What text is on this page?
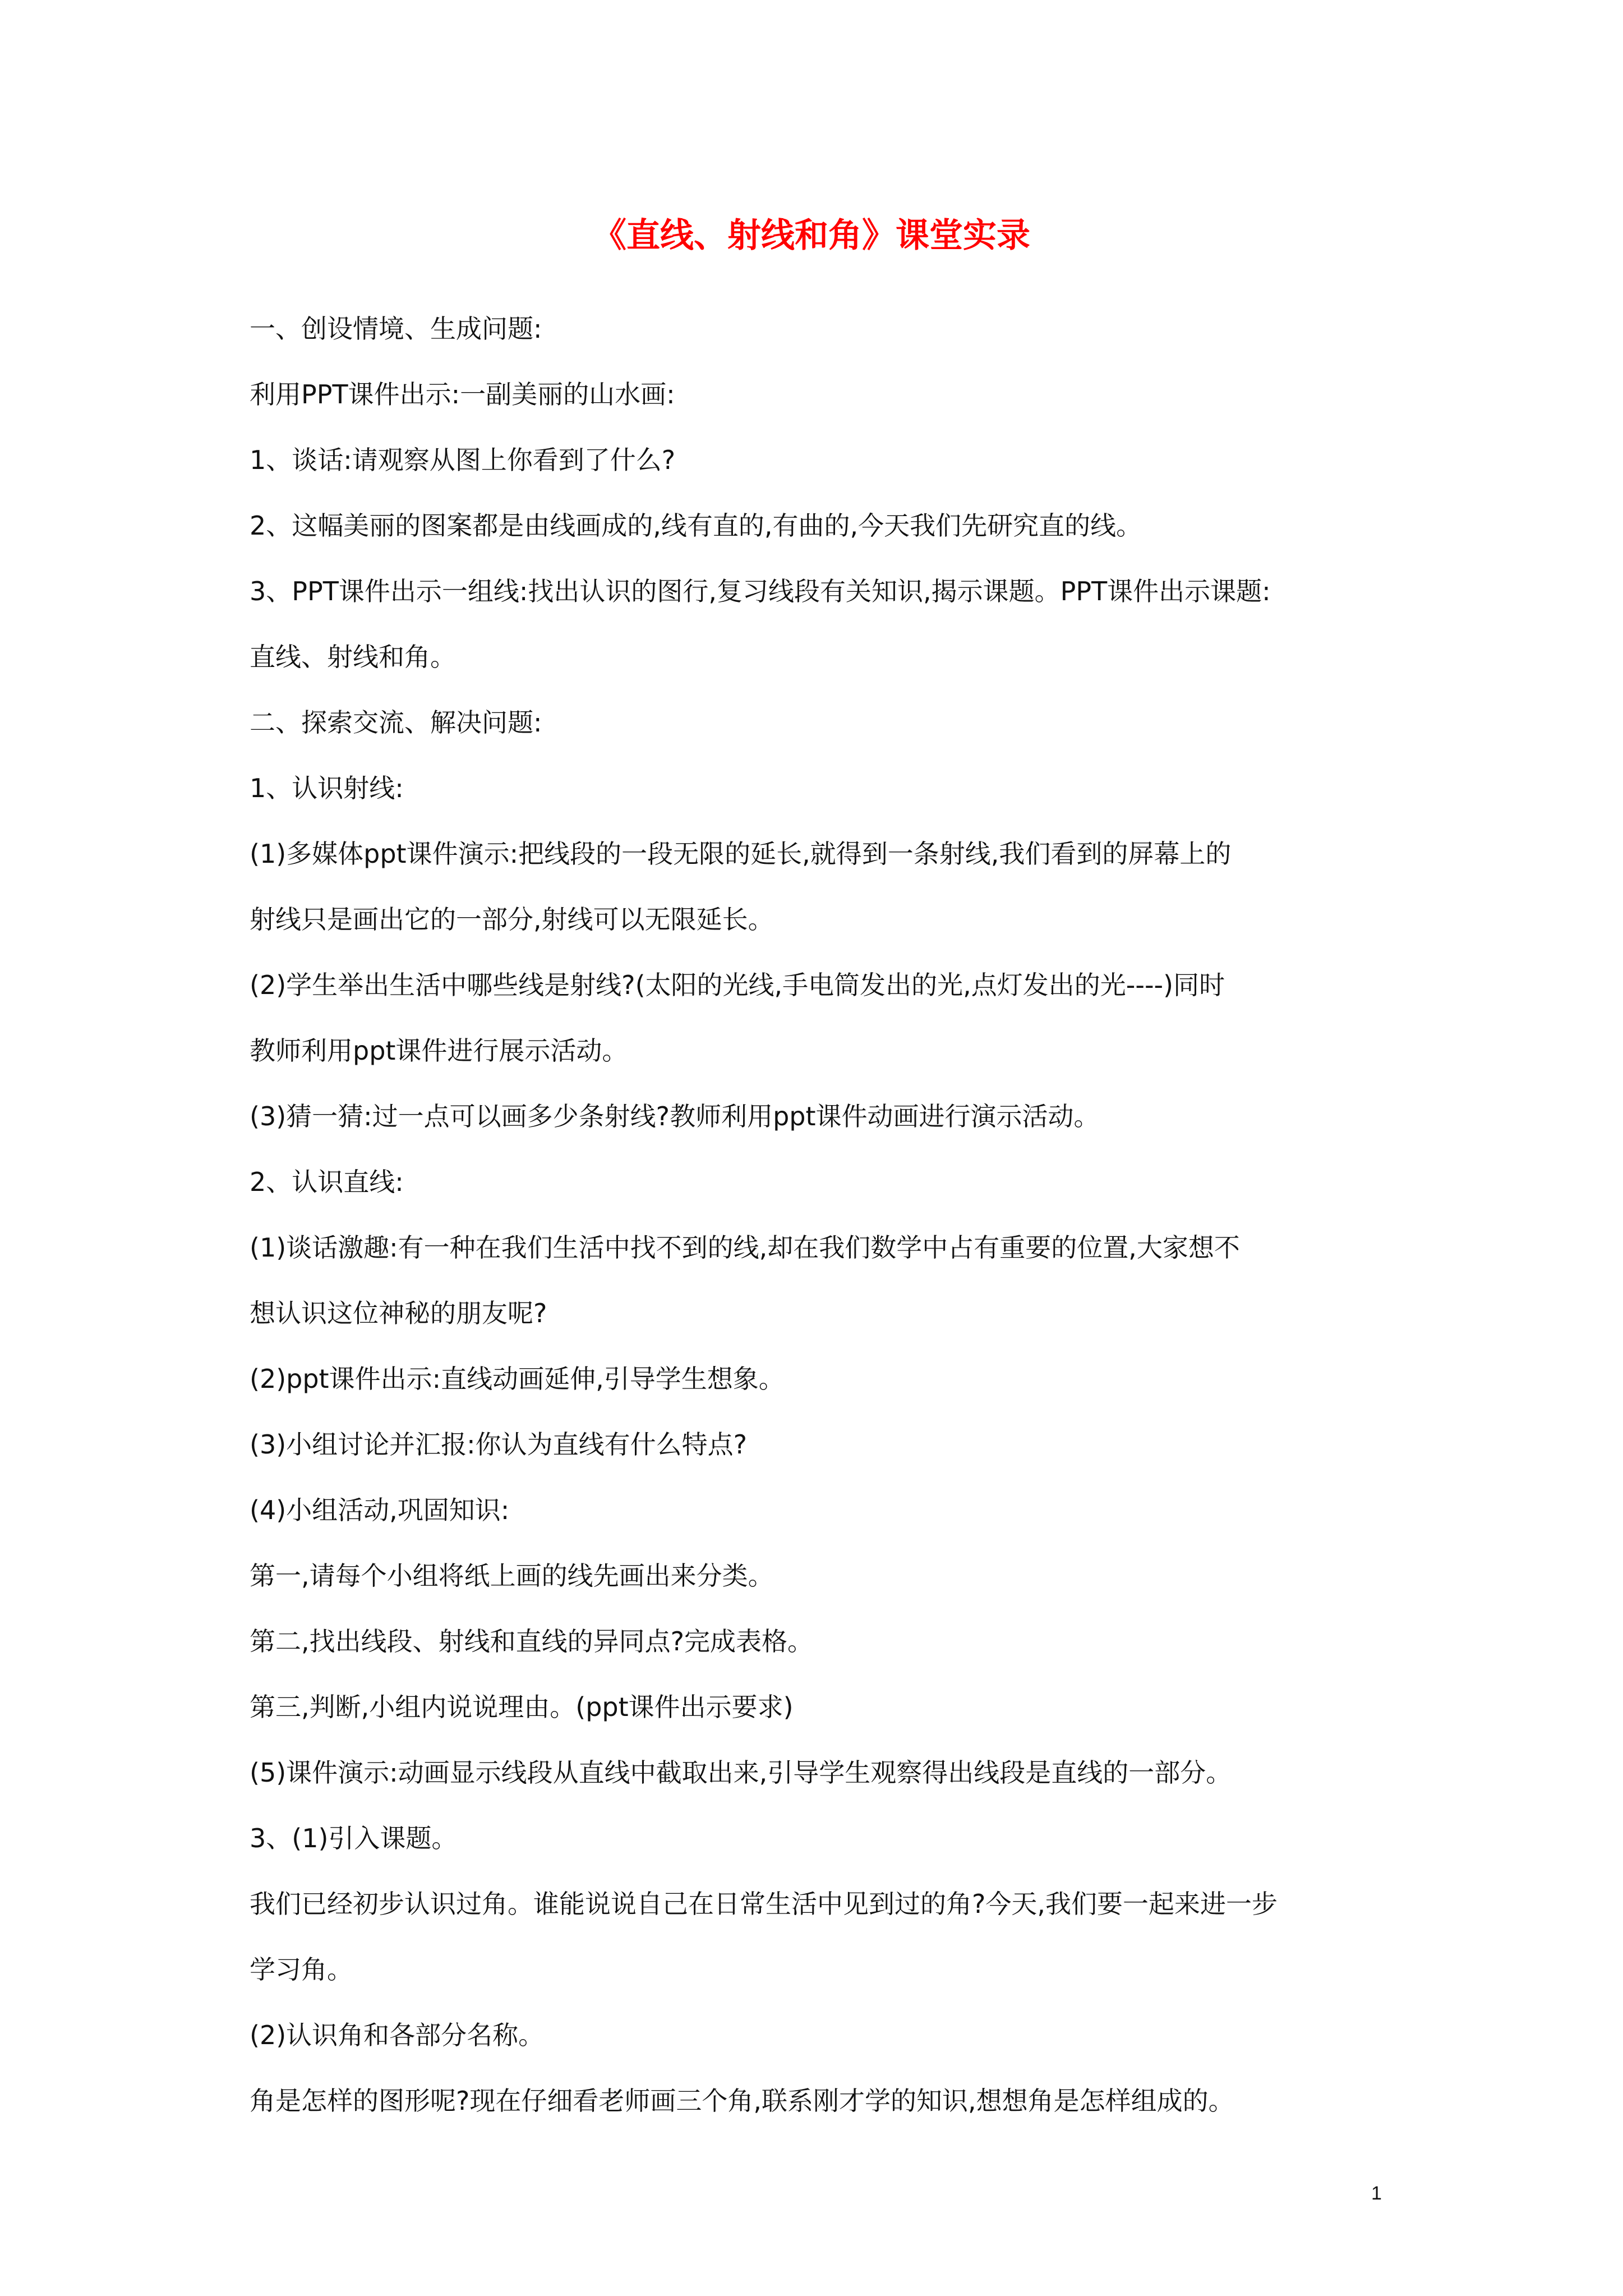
《直线、射线和角》课堂实录

一、创设情境、生成问题:

利用PPT课件出示:一副美丽的山水画:

1、谈话:请观察从图上你看到了什么?

2、这幅美丽的图案都是由线画成的,线有直的,有曲的,今天我们先研究直的线。

3、PPT课件出示一组线:找出认识的图行,复习线段有关知识,揭示课题。PPT课件出示课题:

直线、射线和角。

二、探索交流、解决问题:

1、认识射线:

(1)多媒体ppt课件演示:把线段的一段无限的延长,就得到一条射线,我们看到的屏幕上的

射线只是画出它的一部分,射线可以无限延长。

(2)学生举出生活中哪些线是射线?(太阳的光线,手电筒发出的光,点灯发出的光----)同时

教师利用ppt课件进行展示活动。

(3)猜一猜:过一点可以画多少条射线?教师利用ppt课件动画进行演示活动。

2、认识直线:

(1)谈话激趣:有一种在我们生活中找不到的线,却在我们数学中占有重要的位置,大家想不

想认识这位神秘的朋友呢?

(2)ppt课件出示:直线动画延伸,引导学生想象。

(3)小组讨论并汇报:你认为直线有什么特点?

(4)小组活动,巩固知识:

第一,请每个小组将纸上画的线先画出来分类。

第二,找出线段、射线和直线的异同点?完成表格。

第三,判断,小组内说说理由。(ppt课件出示要求)

(5)课件演示:动画显示线段从直线中截取出来,引导学生观察得出线段是直线的一部分。

3、(1)引入课题。

我们已经初步认识过角。谁能说说自己在日常生活中见到过的角?今天,我们要一起来进一步

学习角。

(2)认识角和各部分名称。

角是怎样的图形呢?现在仔细看老师画三个角,联系刚才学的知识,想想角是怎样组成的。

1
